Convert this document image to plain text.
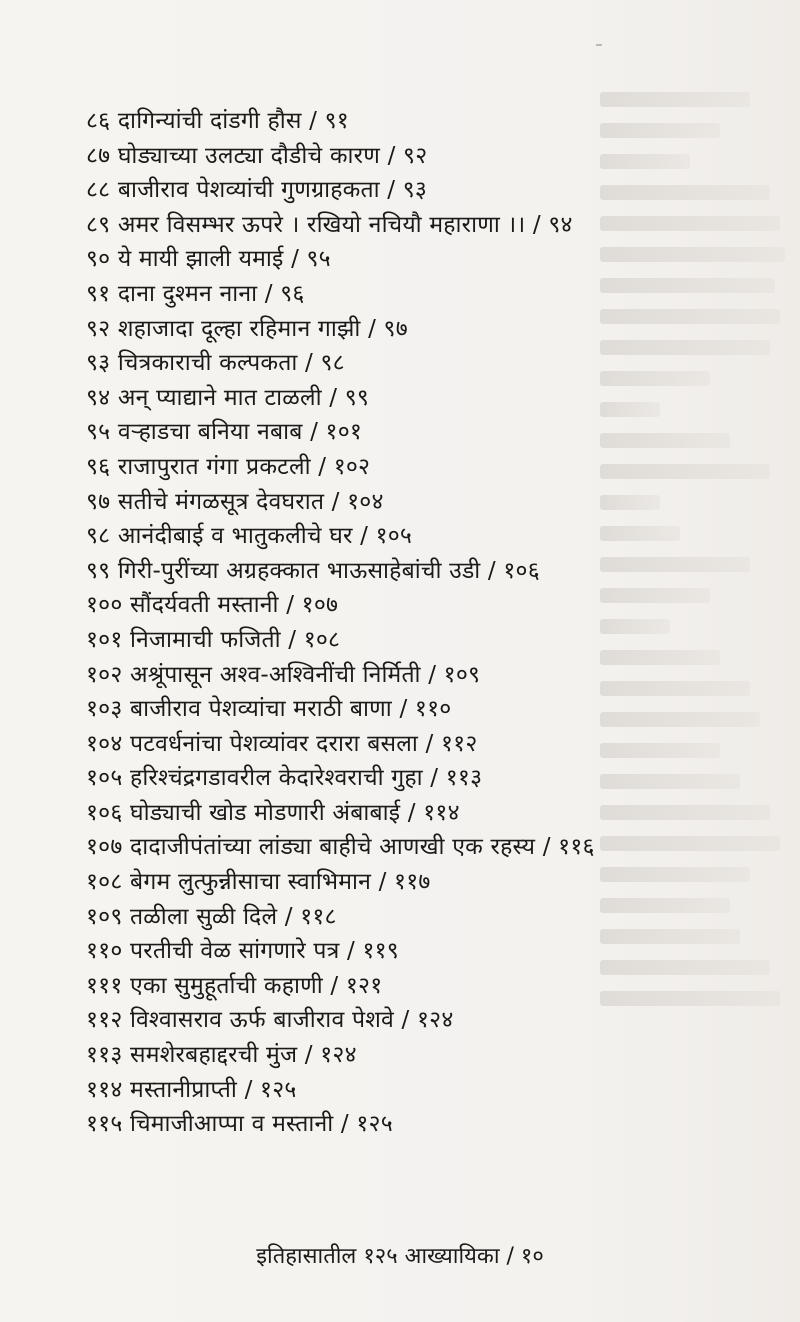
८६ दागिन्यांची दांडगी हौस / ९१
८७ घोड्याच्या उलट्या दौडीचे कारण / ९२
८८ बाजीराव पेशव्यांची गुणग्राहकता / ९३
८९ अमर विसम्भर ऊपरे । रखियो नचियौ महाराणा ।। / ९४
९० ये मायी झाली यमाई / ९५
९१ दाना दुश्मन नाना / ९६
९२ शहाजादा दूल्हा रहिमान गाझी / ९७
९३ चित्रकाराची कल्पकता / ९८
९४ अन् प्याद्याने मात टाळली / ९९
९५ वऱ्हाडचा बनिया नबाब / १०१
९६ राजापुरात गंगा प्रकटली / १०२
९७ सतीचे मंगळसूत्र देवघरात / १०४
९८ आनंदीबाई व भातुकलीचे घर / १०५
९९ गिरी-पुरींच्या अग्रहक्कात भाऊसाहेबांची उडी / १०६
१०० सौंदर्यवती मस्तानी / १०७
१०१ निजामाची फजिती / १०८
१०२ अश्रूंपासून अश्व-अश्विनींची निर्मिती / १०९
१०३ बाजीराव पेशव्यांचा मराठी बाणा / ११०
१०४ पटवर्धनांचा पेशव्यांवर दरारा बसला / ११२
१०५ हरिश्चंद्रगडावरील केदारेश्वराची गुहा / ११३
१०६ घोड्याची खोड मोडणारी अंबाबाई / ११४
१०७ दादाजीपंतांच्या लांड्या बाहीचे आणखी एक रहस्य / ११६
१०८ बेगम लुत्फुन्नीसाचा स्वाभिमान / ११७
१०९ तळीला सुळी दिले / ११८
११० परतीची वेळ सांगणारे पत्र / ११९
१११ एका सुमुहूर्ताची कहाणी / १२१
११२ विश्वासराव ऊर्फ बाजीराव पेशवे / १२४
११३ समशेरबहाद्दरची मुंज / १२४
११४ मस्तानीप्राप्ती / १२५
११५ चिमाजीआप्पा व मस्तानी / १२५
इतिहासातील १२५ आख्यायिका / १०
